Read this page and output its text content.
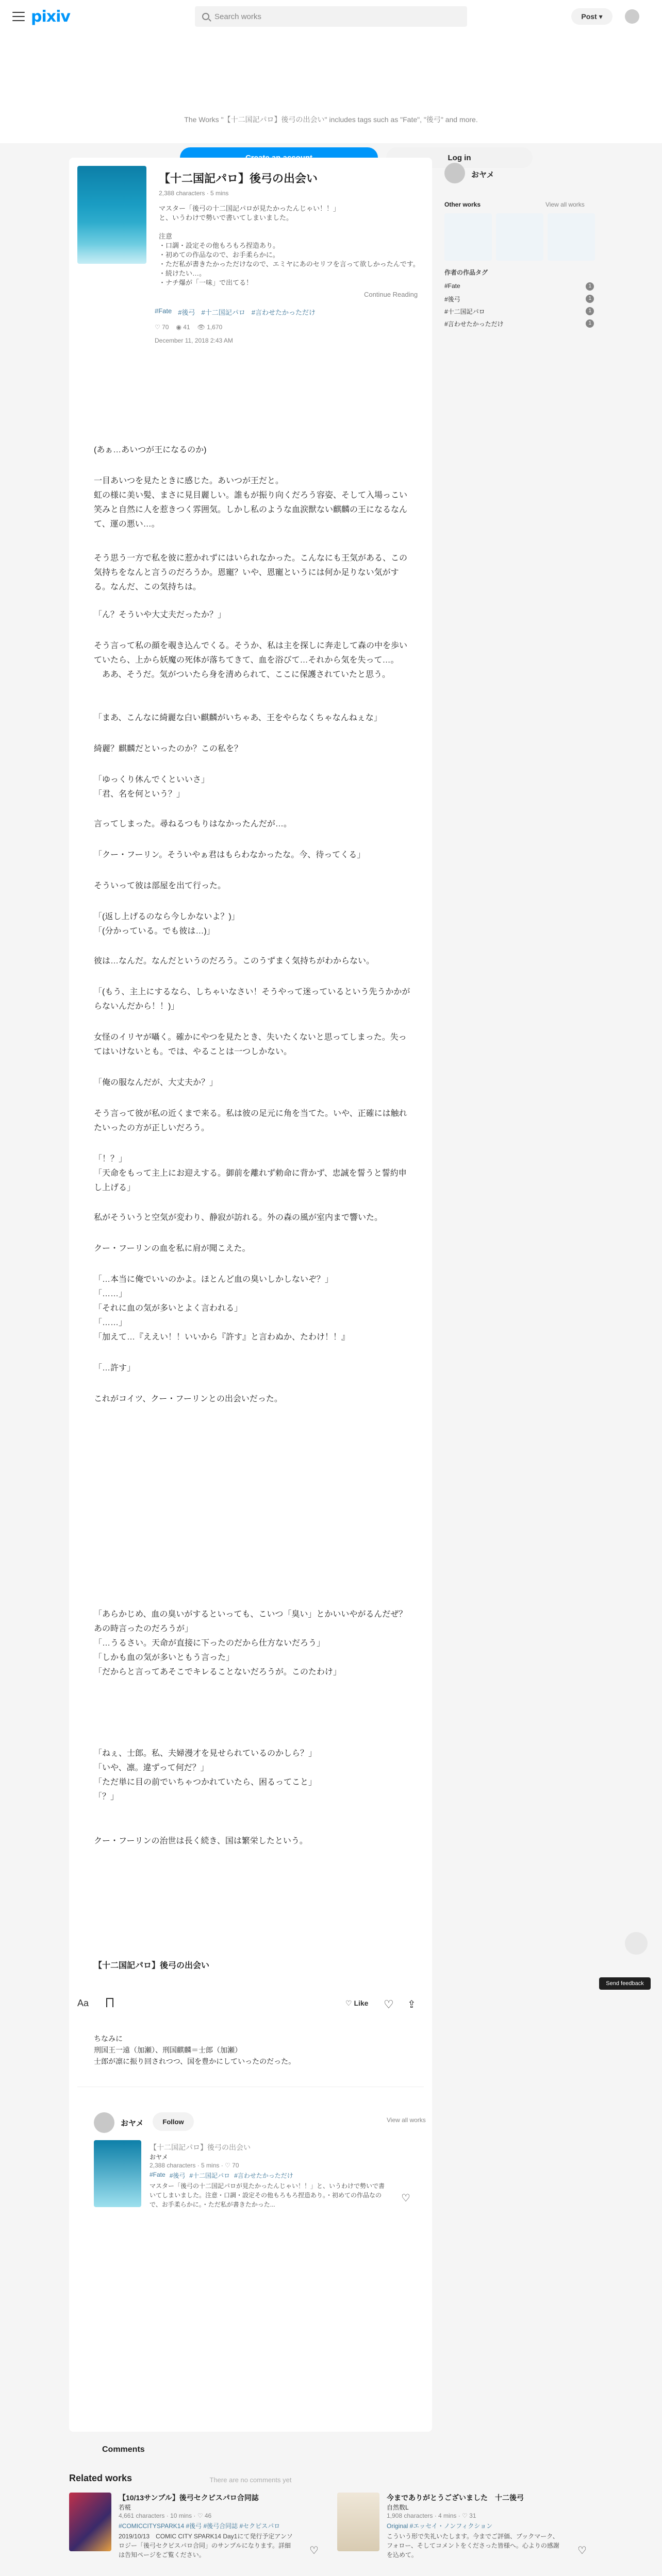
pixiv	Search works	Post ▾
The Works "【十二国記パロ】後弓の出会い" includes tags such as "Fate", "後弓" and more.
Log in
【十二国記パロ】後弓の出会い
2,388 characters · 5 mins
マスター「後弓の十二国記パロが見たかったんじゃい！！」
と、いうわけで勢いで書いてしまいました。

注意
・口調・設定その他もろもろ捏造あり。
・初めての作品なので、お手柔らかに。
・ただ私が書きたかっただけなので、エミヤにあのセリフを言って欲しかったんです。
・続けたい…。
・ナチ爆が「一味」で出てる！
Continue Reading
#Fate #後弓 #十二国記パロ #言わせたかっただけ
♡ 70 ◉ 41 👁 1,670
December 11, 2018 2:43 AM
(あぁ…あいつが王になるのか)
一目あいつを見たときに感じた。あいつが王だと。
虹の様に美い髪、まさに見目麗しい。誰もが振り向くだろう容姿、そして入場っこい笑みと自然に人を惹きつく雰囲気。しかし私のような血涙獣ない麒麟の王になるなんて、運の悪い…。
そう思う一方で私を彼に惹かれずにはいられなかった。こんなにも王気がある、この気持ちをなんと言うのだろうか。恩寵？いや、恩寵というには何か足りない気がする。なんだ、この気持ちは。
「ん？そういや大丈夫だったか？」
そう言って私の顔を覗き込んでくる。そうか、私は主を探しに奔走して森の中を歩いていたら、上から妖魔の死体が落ちてきて、血を浴びて…それから気を失って…。
　ああ、そうだ。気がついたら身を清められて、ここに保護されていたと思う。
「まあ、こんなに綺麗な白い麒麟がいちゃあ、王をやらなくちゃなんねぇな」
綺麗？麒麟だといったのか？この私を？
「ゆっくり休んでくといいさ」
「君、名を何という？」
言ってしまった。尋ねるつもりはなかったんだが…。
「クー・フーリン。そういやぁ君はもらわなかったな。今、待ってくる」
そういって彼は部屋を出て行った。
「(返し上げるのなら今しかないよ？)」
「(分かっている。でも彼は…)」
彼は…なんだ。なんだというのだろう。このうずまく気持ちがわからない。
「(もう、主上にするなら、しちゃいなさい！そうやって迷っているという先うかかがらないんだから！！)」
女怪のイリヤが囁く。確かにやつを見たとき、失いたくないと思ってしまった。失ってはいけないとも。では、やることは一つしかない。
「俺の服なんだが、大丈夫か？」
そう言って彼が私の近くまで来る。私は彼の足元に角を当てた。いや、正確には触れたいったの方が正しいだろう。
「！？」
「天命をもって主上にお迎えする。御前を離れず勅命に背かず、忠誠を誓うと誓約申し上げる」
私がそういうと空気が変わり、静寂が訪れる。外の森の風が室内まで響いた。
クー・フーリンの血を私に肩が聞こえた。
「…本当に俺でいいのかよ。ほとんど血の臭いしかしないぞ？」
「……」
「それに血の気が多いとよく言われる」
「……」
「加えて…『ええい！！いいから『許す』と言わぬか、たわけ！！』
「…許す」
これがコイツ、クー・フーリンとの出会いだった。
「あらかじめ、血の臭いがするといっても、こいつ「臭い」とかいいやがるんだぜ？あの時言ったのだろうが」
「…うるさい。天命が直接に下ったのだから仕方ないだろう」
「しかも血の気が多いともう言った」
「だからと言ってあそこでキレることないだろうが。このたわけ」
「ねぇ、士郎。私、夫婦漫才を見せられているのかしら？」
「いや、凛。違ずって何だ？」
「ただ単に目の前でいちゃつかれていたら、困るってこと」
「？」
クー・フーリンの治世は長く続き、国は繁栄したという。
【十二国記パロ】後弓の出会い
Aa	♡ Like ♡ ⇪
ちなみに
刑国王一遠（加瀬）、刑国麒麟＝士郎（加瀬）
士郎が凛に振り回されつつ、国を豊かにしていったのだった。
おヤメ	Follow	View all works
【十二国記パロ】後弓の出会い
おヤメ
2,388 characters · 5 mins · ♡ 70
#Fate #後弓 #十二国記パロ #言わせたかっただけ
マスター「後弓の十二国記パロが見たかったんじゃい！！」と、いうわけで勢いで書いてしまいました。注意・口調・設定その他もろもろ捏造あり。・初めての作品なので、お手柔らかに。・ただ私が書きたかった...
♡
Comments
There are no comments yet
おヤメ
Other works	View all works
作者の作品タグ
#Fate	1
#後弓	1
#十二国記パロ	1
#言わせたかっただけ	1
Send feedback
Related works
【10/13サンプル】後弓セクピスパロ合同誌
若椛
4,661 characters · 10 mins · ♡ 46
#COMICCITYSPARK14 #後弓 #後弓合同誌 #セクピスパロ
2019/10/13　COMIC CITY SPARK14 Day1にて発行予定アンソロジー「後弓セクピスパロ合同」のサンプルになります。詳細は告知ページをご覧ください。	♡
今までありがとうございました　十二後弓
自然数L
1,908 characters · 4 mins · ♡ 31
Original #エッセイ・ノンフィクション
こういう形で失礼いたします。今までご評価、ブックマーク、フォロー、そしてコメントをくださった皆様へ。心よりの感謝を込めて。	♡
